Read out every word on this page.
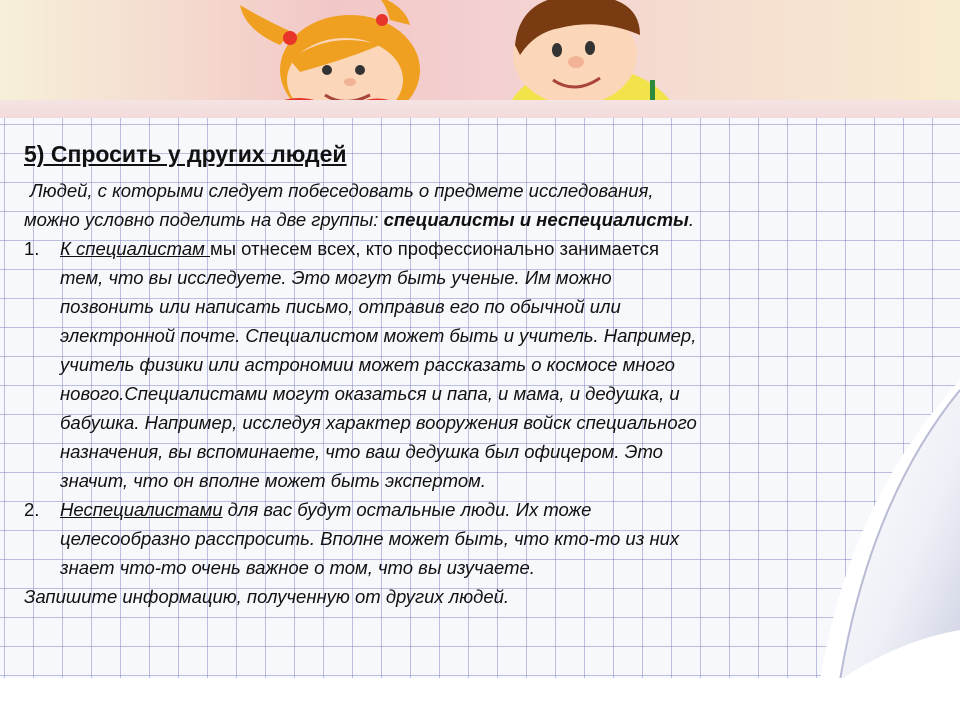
5) Спросить у других людей

Людей, с которыми следует побеседовать о предмете исследования,
можно условно поделить на две группы: специалисты и неспециалисты.

1. К специалистам мы отнесем всех, кто профессионально занимается
тем, что вы исследуете. Это могут быть ученые. Им можно
позвонить или написать письмо, отправив его по обычной или
электронной почте. Специалистом может быть и учитель. Например,
учитель физики или астрономии может рассказать о космосе много
нового.Специалистами могут оказаться и папа, и мама, и дедушка, и
бабушка. Например, исследуя характер вооружения войск специального
назначения, вы вспоминаете, что ваш дедушка был офицером. Это
значит, что он вполне может быть экспертом.
2. Неспециалистами для вас будут остальные люди. Их тоже
целесообразно расспросить. Вполне может быть, что кто-то из них
знает что-то очень важное о том, что вы изучаете.
Запишите информацию, полученную от других людей.
